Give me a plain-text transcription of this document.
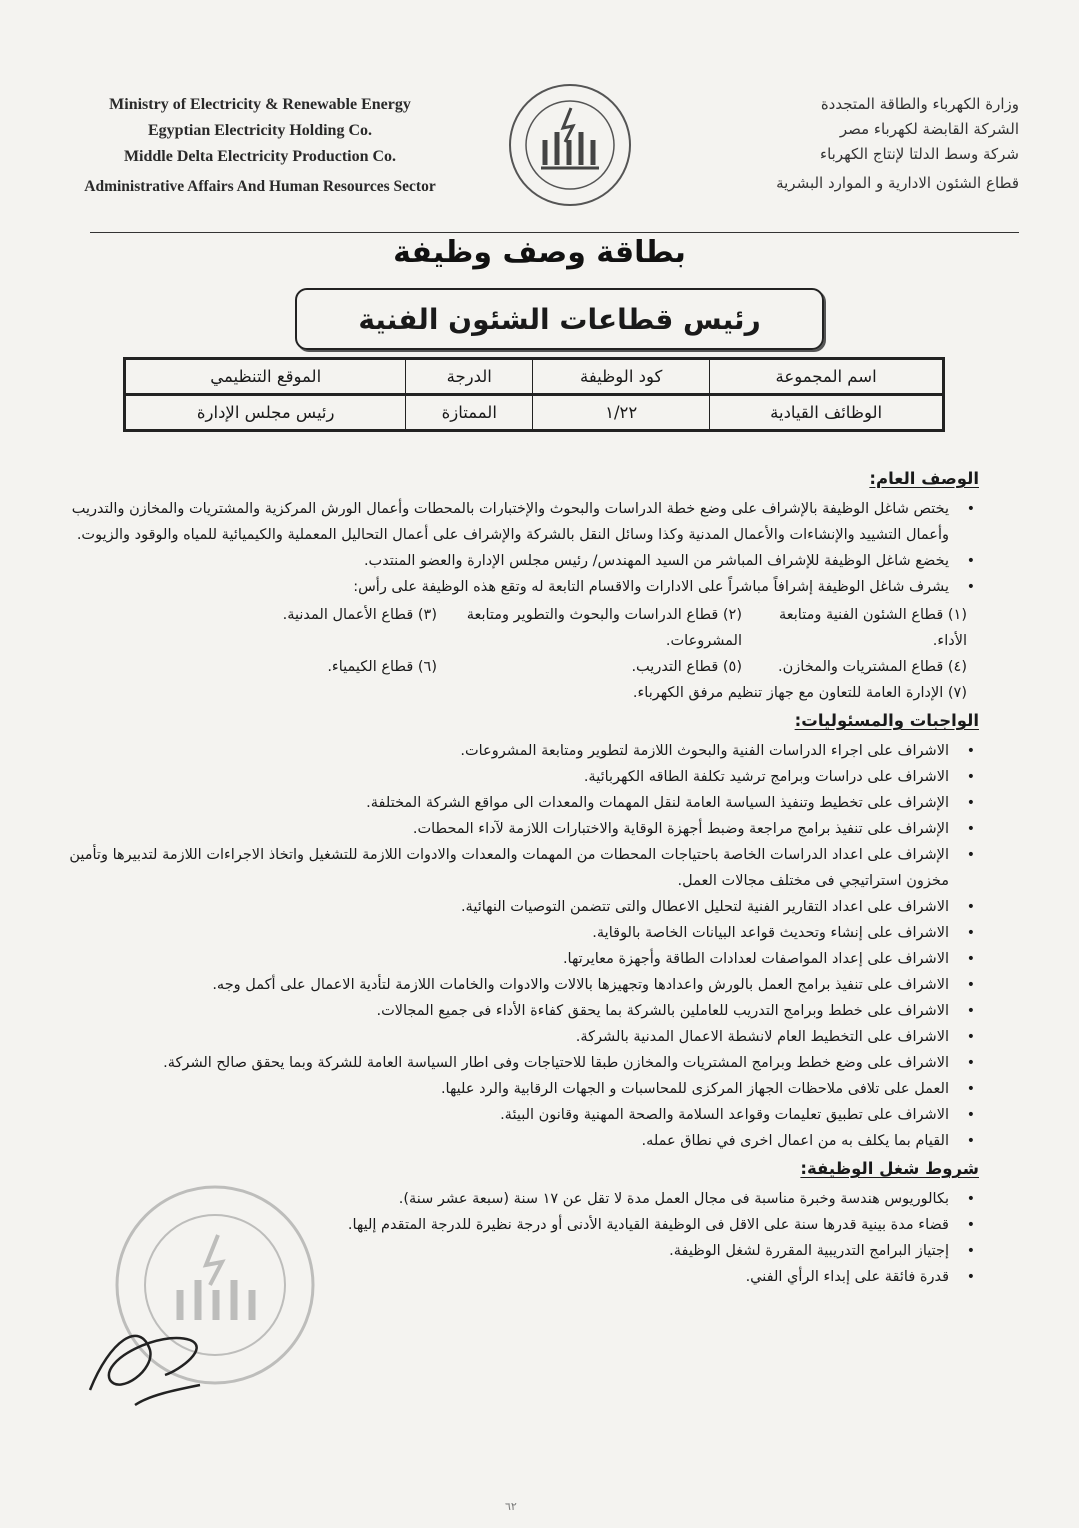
Ministry of Electricity & Renewable Energy
Egyptian Electricity Holding Co.
Middle Delta Electricity Production Co.
Administrative Affairs And Human Resources Sector
وزارة الكهرباء والطاقة المتجددة
الشركة القابضة لكهرباء مصر
شركة وسط الدلتا لإنتاج الكهرباء
قطاع الشئون الادارية و الموارد البشرية
بطاقة وصف وظيفة
رئيس قطاعات الشئون الفنية
اسم المجموعة	كود الوظيفة	الدرجة	الموقع التنظيمي
الوظائف القيادية	١/٢٢	الممتازة	رئيس مجلس الإدارة
الوصف العام:
• يختص شاغل الوظيفة بالإشراف على وضع خطة الدراسات والبحوث والإختبارات بالمحطات وأعمال الورش المركزية والمشتريات والمخازن والتدريب وأعمال التشييد والإنشاءات والأعمال المدنية وكذا وسائل النقل بالشركة والإشراف على أعمال التحاليل المعملية والكيميائية للمياه والوقود والزيوت.
• يخضع شاغل الوظيفة للإشراف المباشر من السيد المهندس/ رئيس مجلس الإدارة والعضو المنتدب.
• يشرف شاغل الوظيفة إشرافاً مباشراً على الادارات والاقسام التابعة له وتقع هذه الوظيفة على رأس:
(١) قطاع الشئون الفنية ومتابعة الأداء.
(٢) قطاع الدراسات والبحوث والتطوير ومتابعة المشروعات.
(٣) قطاع الأعمال المدنية.
(٤) قطاع المشتريات والمخازن.
(٥) قطاع التدريب.
(٦) قطاع الكيمياء.
(٧) الإدارة العامة للتعاون مع جهاز تنظيم مرفق الكهرباء.
الواجبات والمسئوليات:
• الاشراف على اجراء الدراسات الفنية والبحوث اللازمة لتطوير ومتابعة المشروعات.
• الاشراف على دراسات وبرامج ترشيد تكلفة الطاقه الكهربائية.
• الإشراف على تخطيط وتنفيذ السياسة العامة لنقل المهمات والمعدات الى مواقع الشركة المختلفة.
• الإشراف على تنفيذ برامج مراجعة وضبط أجهزة الوقاية والاختبارات اللازمة لآداء المحطات.
• الإشراف على اعداد الدراسات الخاصة باحتياجات المحطات من المهمات والمعدات والادوات اللازمة للتشغيل واتخاذ الاجراءات اللازمة لتدبيرها وتأمين مخزون استراتيجي فى مختلف مجالات العمل.
• الاشراف على اعداد التقارير الفنية لتحليل الاعطال والتى تتضمن التوصيات النهائية.
• الاشراف على إنشاء وتحديث قواعد البيانات الخاصة بالوقاية.
• الاشراف على إعداد المواصفات لعدادات الطاقة وأجهزة معايرتها.
• الاشراف على تنفيذ برامج العمل بالورش واعدادها وتجهيزها بالالات والادوات والخامات اللازمة لتأدية الاعمال على أكمل وجه.
• الاشراف على خطط وبرامج التدريب للعاملين بالشركة بما يحقق كفاءة الأداء فى جميع المجالات.
• الاشراف على التخطيط العام لانشطة الاعمال المدنية بالشركة.
• الاشراف على وضع خطط وبرامج المشتريات والمخازن طبقا للاحتياجات وفى اطار السياسة العامة للشركة وبما يحقق صالح الشركة.
• العمل على تلافى ملاحظات الجهاز المركزى للمحاسبات و الجهات الرقابية والرد عليها.
• الاشراف على تطبيق تعليمات وقواعد السلامة والصحة المهنية وقانون البيئة.
• القيام بما يكلف به من اعمال اخرى في نطاق عمله.
شروط شغل الوظيفة:
• بكالوريوس هندسة وخبرة مناسبة فى مجال العمل مدة لا تقل عن ١٧ سنة (سبعة عشر سنة).
• قضاء مدة بينية قدرها سنة على الاقل فى الوظيفة القيادية الأدنى أو درجة نظيرة للدرجة المتقدم إليها.
• إجتياز البرامج التدريبية المقررة لشغل الوظيفة.
• قدرة فائقة على إبداء الرأي الفني.
٦٢
